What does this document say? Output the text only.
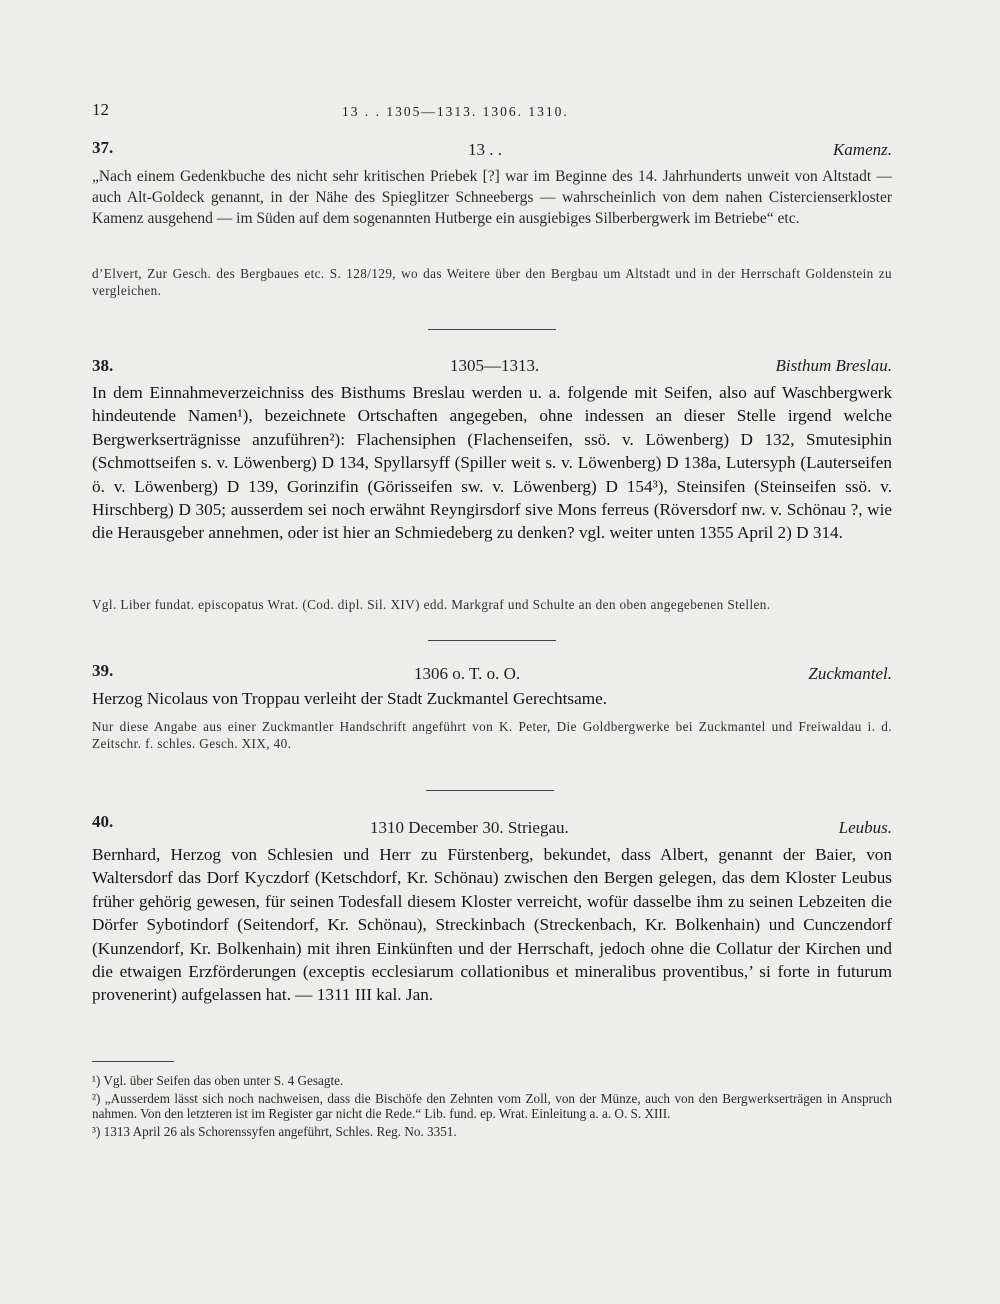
12	13 . . 1305—1313. 1306. 1310.
37.	13 . .	Kamenz.

„Nach einem Gedenkbuche des nicht sehr kritischen Priebek [?] war im Beginne des 14. Jahrhunderts unweit von Altstadt — auch Alt-Goldeck genannt, in der Nähe des Spieglitzer Schneebergs — wahrscheinlich von dem nahen Cistercienserkloster Kamenz ausgehend — im Süden auf dem sogenannten Hutberge ein ausgiebiges Silberbergwerk im Betriebe“ etc.

d’Elvert, Zur Gesch. des Bergbaues etc. S. 128/129, wo das Weitere über den Bergbau um Altstadt und in der Herrschaft Goldenstein zu vergleichen.

38.	1305—1313.	Bisthum Breslau.

In dem Einnahmeverzeichniss des Bisthums Breslau werden u. a. folgende mit Seifen, also auf Waschbergwerk hindeutende Namen¹), bezeichnete Ortschaften angegeben, ohne indessen an dieser Stelle irgend welche Bergwerkserträgnisse anzuführen²): Flachensiphen (Flachenseifen, ssö. v. Löwenberg) D 132, Smutesiphin (Schmottseifen s. v. Löwenberg) D 134, Spyllarsyff (Spiller weit s. v. Löwenberg) D 138a, Lutersyph (Lauterseifen ö. v. Löwenberg) D 139, Gorinzifin (Görisseifen sw. v. Löwenberg) D 154³), Steinsifen (Steinseifen ssö. v. Hirschberg) D 305; ausserdem sei noch erwähnt Reyngirsdorf sive Mons ferreus (Röversdorf nw. v. Schönau ?, wie die Herausgeber annehmen, oder ist hier an Schmiedeberg zu denken? vgl. weiter unten 1355 April 2) D 314.

Vgl. Liber fundat. episcopatus Wrat. (Cod. dipl. Sil. XIV) edd. Markgraf und Schulte an den oben angegebenen Stellen.

39.	1306 o. T. o. O.	Zuckmantel.

Herzog Nicolaus von Troppau verleiht der Stadt Zuckmantel Gerechtsame.

Nur diese Angabe aus einer Zuckmantler Handschrift angeführt von K. Peter, Die Goldbergwerke bei Zuckmantel und Freiwaldau i. d. Zeitschr. f. schles. Gesch. XIX, 40.

40.	1310 December 30. Striegau.	Leubus.

Bernhard, Herzog von Schlesien und Herr zu Fürstenberg, bekundet, dass Albert, genannt der Baier, von Waltersdorf das Dorf Kyczdorf (Ketschdorf, Kr. Schönau) zwischen den Bergen gelegen, das dem Kloster Leubus früher gehörig gewesen, für seinen Todesfall diesem Kloster verreicht, wofür dasselbe ihm zu seinen Lebzeiten die Dörfer Sybotindorf (Seitendorf, Kr. Schönau), Streckinbach (Streckenbach, Kr. Bolkenhain) und Cunczendorf (Kunzendorf, Kr. Bolkenhain) mit ihren Einkünften und der Herrschaft, jedoch ohne die Collatur der Kirchen und die etwaigen Erzförderungen (exceptis ecclesiarum collationibus et mineralibus proventibus,’ si forte in futurum provenerint) aufgelassen hat. — 1311 III kal. Jan.

¹) Vgl. über Seifen das oben unter S. 4 Gesagte.

²) „Ausserdem lässt sich noch nachweisen, dass die Bischöfe den Zehnten vom Zoll, von der Münze, auch von den Bergwerkserträgen in Anspruch nahmen. Von den letzteren ist im Register gar nicht die Rede.“ Lib. fund. ep. Wrat. Einleitung a. a. O. S. XIII.

³) 1313 April 26 als Schorenssyfen angeführt, Schles. Reg. No. 3351.
